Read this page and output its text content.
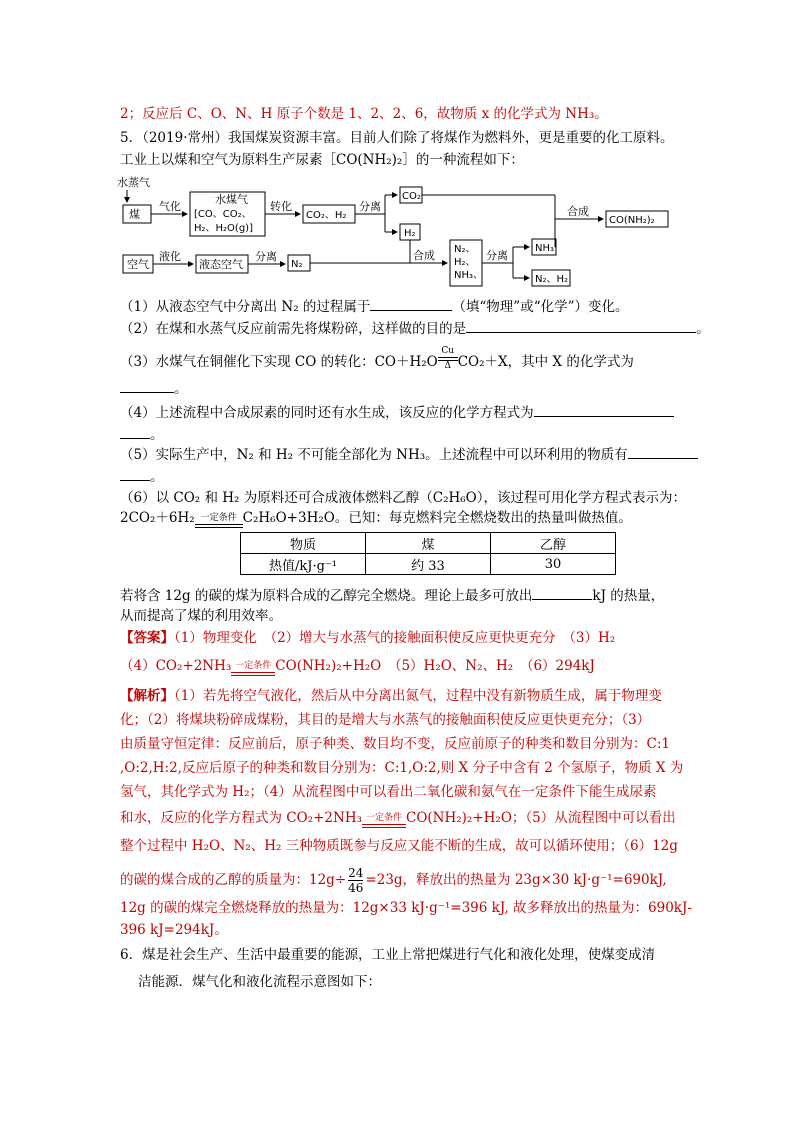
2；反应后 C、O、N、H 原子个数是 1、2、2、6，故物质 x 的化学式为 NH₃。
5．（2019·常州）我国煤炭资源丰富。目前人们除了将煤作为燃料外，更是重要的化工原料。
工业上以煤和空气为原料生产尿素［CO(NH₂)₂］的一种流程如下：
水蒸气
煤
气化
水煤气
[CO、CO₂、
H₂、H₂O(g)]
转化
CO₂、H₂
分离
CO₂
H₂
合成
CO(NH₂)₂
空气
液化
液态空气
分离
N₂
合成 N₂、
H₂、
NH₃、
分离
NH₃
N₂、H₂
（1）从液态空气中分离出 N₂ 的过程属于	（填“物理”或“化学”）变化。
（2）在煤和水蒸气反应前需先将煤粉碎，这样做的目的是	。
（3）水煤气在铜催化下实现 CO 的转化：$CO+H_2O \frac{Cu}{\Delta} CO_2+X$，其中 X 的化学式为
。
（4）上述流程中合成尿素的同时还有水生成，该反应的化学方程式为
。
（5）实际生产中，N₂ 和 H₂ 不可能全部化为 NH₃。上述流程中可以环利用的物质有
。
（6）以 CO₂ 和 H₂ 为原料还可合成液体燃料乙醇（C₂H₆O），该过程可用化学方程式表示为：
2CO₂＋6H₂ 一定条件 C₂H₆O+3H₂O。已知：每克燃料完全燃烧数出的热量叫做热值。
物质	煤	乙醇
热值/kJ·g⁻¹	约 33	30
若将含 12g 的碳的煤为原料合成的乙醇完全燃烧。理论上最多可放出	kJ 的热量，
从而提高了煤的利用效率。
【答案】（1）物理变化　（2）增大与水蒸气的接触面积使反应更快更充分　（3）H₂
（4）CO₂+2NH₃ 一定条件 CO(NH₂)₂+H₂O　（5）H₂O、N₂、H₂　（6）294kJ
【解析】（1）若先将空气液化，然后从中分离出氮气，过程中没有新物质生成，属于物理变
化；（2）将煤块粉碎成煤粉，其目的是增大与水蒸气的接触面积使反应更快更充分；（3）
由质量守恒定律：反应前后，原子种类、数目均不变，反应前原子的种类和数目分别为：C:1
,O:2,H:2,反应后原子的种类和数目分别为：C:1,O:2,则 X 分子中含有 2 个氢原子，物质 X 为
氢气，其化学式为 H₂；（4）从流程图中可以看出二氧化碳和氨气在一定条件下能生成尿素
和水，反应的化学方程式为 CO₂+2NH₃ 一定条件 CO(NH₂)₂+H₂O；（5）从流程图中可以看出
整个过程中 H₂O、N₂、H₂ 三种物质既参与反应又能不断的生成，故可以循环使用；（6）12g
的碳的煤合成的乙醇的质量为：$12g\div \frac{24}{46} =23g$，释放出的热量为 23g×30 kJ·g⁻¹=690kJ,
12g 的碳的煤完全燃烧释放的热量为：12g×33 kJ·g⁻¹=396 kJ, 故多释放出的热量为：690kJ-
396 kJ=294kJ。
6．煤是社会生产、生活中最重要的能源，工业上常把煤进行气化和液化处理，使煤变成清
洁能源．煤气化和液化流程示意图如下：
